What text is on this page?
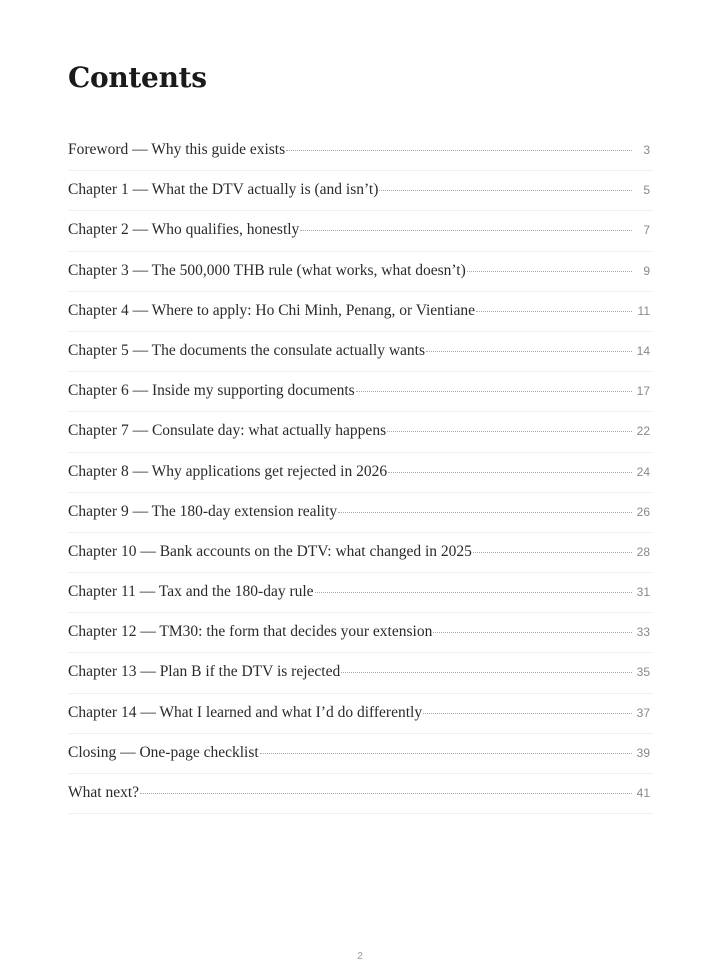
Contents
Foreword — Why this guide exists	3
Chapter 1 — What the DTV actually is (and isn’t)	5
Chapter 2 — Who qualifies, honestly	7
Chapter 3 — The 500,000 THB rule (what works, what doesn’t)	9
Chapter 4 — Where to apply: Ho Chi Minh, Penang, or Vientiane	11
Chapter 5 — The documents the consulate actually wants	14
Chapter 6 — Inside my supporting documents	17
Chapter 7 — Consulate day: what actually happens	22
Chapter 8 — Why applications get rejected in 2026	24
Chapter 9 — The 180-day extension reality	26
Chapter 10 — Bank accounts on the DTV: what changed in 2025	28
Chapter 11 — Tax and the 180-day rule	31
Chapter 12 — TM30: the form that decides your extension	33
Chapter 13 — Plan B if the DTV is rejected	35
Chapter 14 — What I learned and what I’d do differently	37
Closing — One-page checklist	39
What next?	41
2
